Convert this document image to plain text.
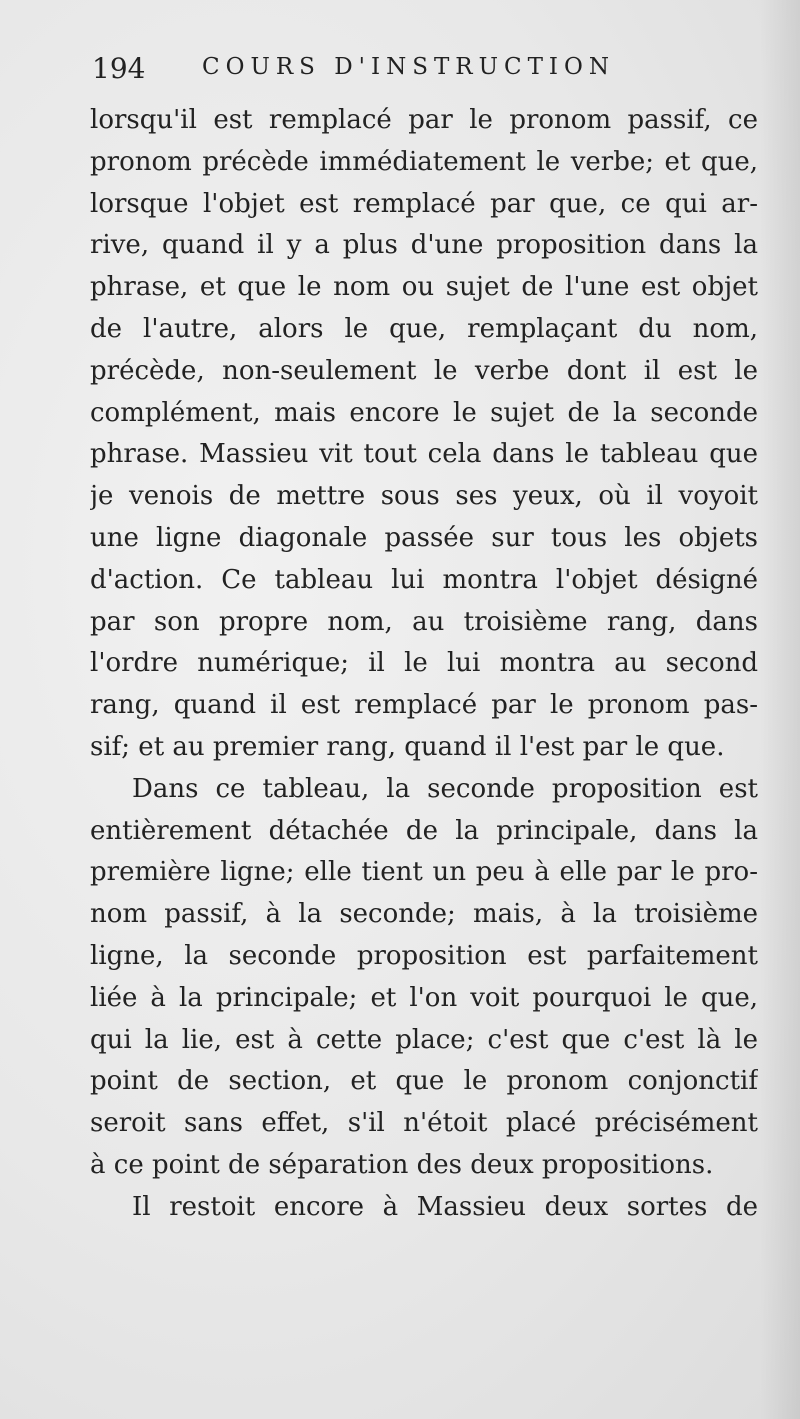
194 COURS D'INSTRUCTION
lorsqu'il est remplacé par le pronom passif, ce
pronom précède immédiatement le verbe; et que,
lorsque l'objet est remplacé par que, ce qui ar-
rive, quand il y a plus d'une proposition dans la
phrase, et que le nom ou sujet de l'une est objet
de l'autre, alors le que, remplaçant du nom,
précède, non-seulement le verbe dont il est le
complément, mais encore le sujet de la seconde
phrase. Massieu vit tout cela dans le tableau que
je venois de mettre sous ses yeux, où il voyoit
une ligne diagonale passée sur tous les objets
d'action. Ce tableau lui montra l'objet désigné
par son propre nom, au troisième rang, dans
l'ordre numérique; il le lui montra au second
rang, quand il est remplacé par le pronom pas-
sif; et au premier rang, quand il l'est par le que.
Dans ce tableau, la seconde proposition est
entièrement détachée de la principale, dans la
première ligne; elle tient un peu à elle par le pro-
nom passif, à la seconde; mais, à la troisième
ligne, la seconde proposition est parfaitement
liée à la principale; et l'on voit pourquoi le que,
qui la lie, est à cette place; c'est que c'est là le
point de section, et que le pronom conjonctif
seroit sans effet, s'il n'étoit placé précisément
à ce point de séparation des deux propositions.
Il restoit encore à Massieu deux sortes de
